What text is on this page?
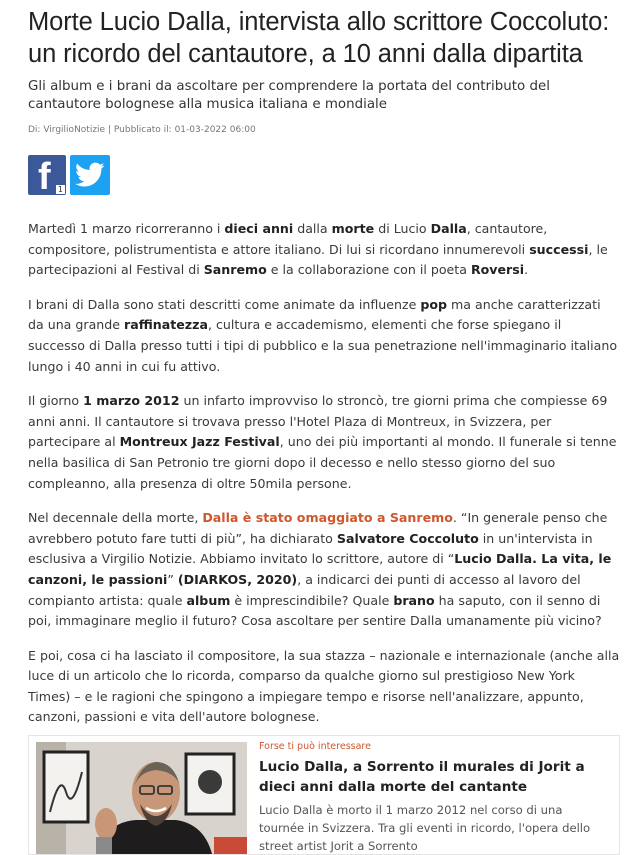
Morte Lucio Dalla, intervista allo scrittore Coccoluto: un ricordo del cantautore, a 10 anni dalla dipartita
Gli album e i brani da ascoltare per comprendere la portata del contributo del cantautore bolognese alla musica italiana e mondiale
Di: VirgilioNotizie | Pubblicato il: 01-03-2022 06:00
f 1

Martedì 1 marzo ricorreranno i dieci anni dalla morte di Lucio Dalla, cantautore, compositore, polistrumentista e attore italiano. Di lui si ricordano innumerevoli successi, le partecipazioni al Festival di Sanremo e la collaborazione con il poeta Roversi.

I brani di Dalla sono stati descritti come animate da influenze pop ma anche caratterizzati da una grande raffinatezza, cultura e accademismo, elementi che forse spiegano il successo di Dalla presso tutti i tipi di pubblico e la sua penetrazione nell'immaginario italiano lungo i 40 anni in cui fu attivo.

Il giorno 1 marzo 2012 un infarto improvviso lo stroncò, tre giorni prima che compiesse 69 anni anni. Il cantautore si trovava presso l'Hotel Plaza di Montreux, in Svizzera, per partecipare al Montreux Jazz Festival, uno dei più importanti al mondo. Il funerale si tenne nella basilica di San Petronio tre giorni dopo il decesso e nello stesso giorno del suo compleanno, alla presenza di oltre 50mila persone.

Nel decennale della morte, Dalla è stato omaggiato a Sanremo. “In generale penso che avrebbero potuto fare tutti di più”, ha dichiarato Salvatore Coccoluto in un'intervista in esclusiva a Virgilio Notizie. Abbiamo invitato lo scrittore, autore di “Lucio Dalla. La vita, le canzoni, le passioni” (DIARKOS, 2020), a indicarci dei punti di accesso al lavoro del compianto artista: quale album è imprescindibile? Quale brano ha saputo, con il senno di poi, immaginare meglio il futuro? Cosa ascoltare per sentire Dalla umanamente più vicino?

E poi, cosa ci ha lasciato il compositore, la sua stazza – nazionale e internazionale (anche alla luce di un articolo che lo ricorda, comparso da qualche giorno sul prestigioso New York Times) – e le ragioni che spingono a impiegare tempo e risorse nell'analizzare, appunto, canzoni, passioni e vita dell'autore bolognese.

Forse ti può interessare
Lucio Dalla, a Sorrento il murales di Jorit a dieci anni dalla morte del cantante
Lucio Dalla è morto il 1 marzo 2012 nel corso di una tournée in Svizzera. Tra gli eventi in ricordo, l'opera dello street artist Jorit a Sorrento
